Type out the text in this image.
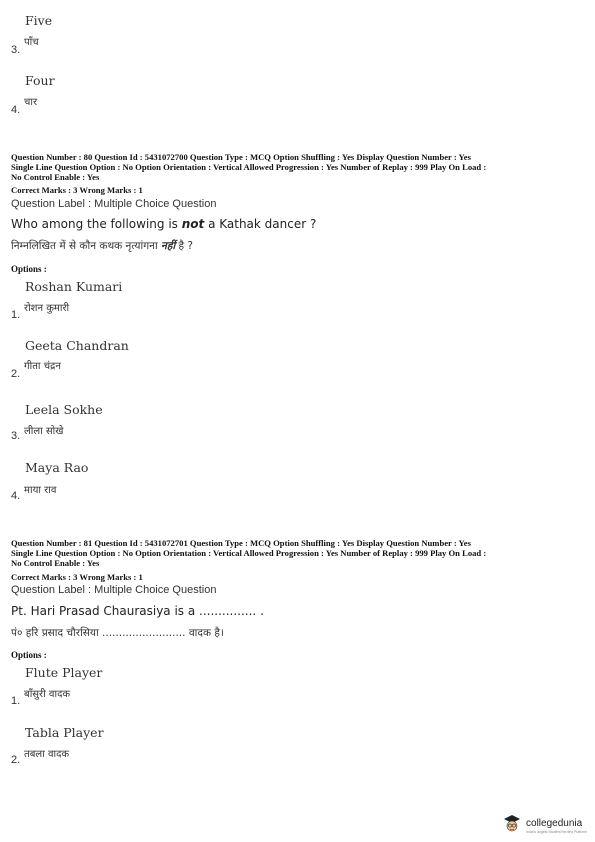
Five
पाँच
3.
Four
चार
4.
Question Number : 80 Question Id : 5431072700 Question Type : MCQ Option Shuffling : Yes Display Question Number : Yes
Single Line Question Option : No Option Orientation : Vertical Allowed Progression : Yes Number of Replay : 999 Play On Load :
No Control Enable : Yes
Correct Marks : 3 Wrong Marks : 1
Question Label : Multiple Choice Question
Who among the following is not a Kathak dancer ?
निम्नलिखित में से कौन कथक नृत्यांगना नहीं है ?
Options :
Roshan Kumari
रोशन कुमारी
1.
Geeta Chandran
गीता चंद्रन
2.
Leela Sokhe
लीला सोखे
3.
Maya Rao
माया राव
4.
Question Number : 81 Question Id : 5431072701 Question Type : MCQ Option Shuffling : Yes Display Question Number : Yes
Single Line Question Option : No Option Orientation : Vertical Allowed Progression : Yes Number of Replay : 999 Play On Load :
No Control Enable : Yes
Correct Marks : 3 Wrong Marks : 1
Question Label : Multiple Choice Question
Pt. Hari Prasad Chaurasiya is a ............... .
पं० हरि प्रसाद चौरसिया ......................... वादक है।
Options :
Flute Player
बाँसुरी वादक
1.
Tabla Player
तबला वादक
2.
collegedunia
India's largest Student Review Platform
